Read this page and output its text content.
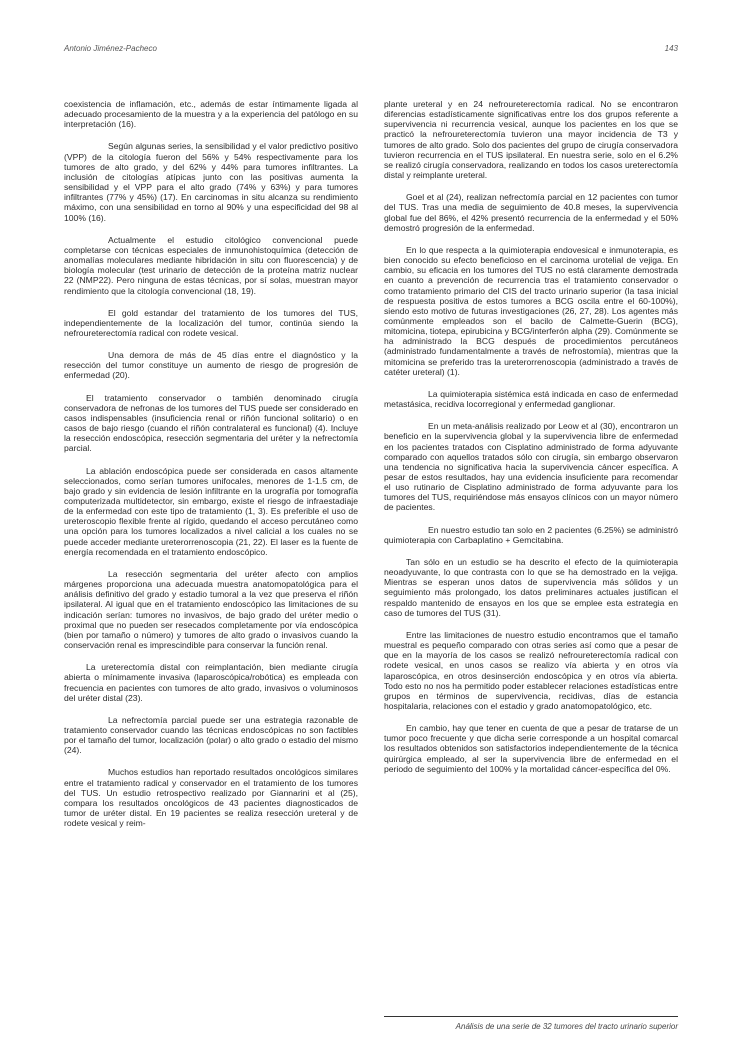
Antonio Jiménez-Pacheco	143

coexistencia de inflamación, etc., además de estar íntimamente ligada al adecuado procesamiento de la muestra y a la experiencia del patólogo en su interpretación (16).

Según algunas series, la sensibilidad y el valor predictivo positivo (VPP) de la citología fueron del 56% y 54% respectivamente para los tumores de alto grado, y del 62% y 44% para tumores infiltrantes. La inclusión de citologías atípicas junto con las positivas aumenta la sensibilidad y el VPP para el alto grado (74% y 63%) y para tumores infiltrantes (77% y 45%) (17). En carcinomas in situ alcanza su rendimiento máximo, con una sensibilidad en torno al 90% y una especificidad del 98 al 100% (16).

Actualmente el estudio citológico convencional puede completarse con técnicas especiales de inmunohistoquímica (detección de anomalías moleculares mediante hibridación in situ con fluorescencia) y de biología molecular (test urinario de detección de la proteína matriz nuclear 22 (NMP22). Pero ninguna de estas técnicas, por sí solas, muestran mayor rendimiento que la citología convencional (18, 19).

El gold estandar del tratamiento de los tumores del TUS, independientemente de la localización del tumor, continúa siendo la nefroureterectomía radical con rodete vesical.

Una demora de más de 45 días entre el diagnóstico y la resección del tumor constituye un aumento de riesgo de progresión de enfermedad (20).

El tratamiento conservador o también denominado cirugía conservadora de nefronas de los tumores del TUS puede ser considerado en casos indispensables (insuficiencia renal or riñón funcional solitario) o en casos de bajo riesgo (cuando el riñón contralateral es funcional) (4). Incluye la resección endoscópica, resección segmentaria del uréter y la nefrectomía parcial.

La ablación endoscópica puede ser considerada en casos altamente seleccionados, como serían tumores unifocales, menores de 1-1.5 cm, de bajo grado y sin evidencia de lesión infiltrante en la urografía por tomografía computerizada multidetector, sin embargo, existe el riesgo de infraestadiaje de la enfermedad con este tipo de tratamiento (1, 3). Es preferible el uso de ureteroscopio flexible frente al rígido, quedando el acceso percutáneo como una opción para los tumores localizados a nivel calicial a los cuales no se puede acceder mediante ureterorrenoscopia (21, 22). El laser es la fuente de energía recomendada en el tratamiento endoscópico.

La resección segmentaria del uréter afecto con amplios márgenes proporciona una adecuada muestra anatomopatológica para el análisis definitivo del grado y estadio tumoral a la vez que preserva el riñón ipsilateral. Al igual que en el tratamiento endoscópico las limitaciones de su indicación serían: tumores no invasivos, de bajo grado del uréter medio o proximal que no pueden ser resecados completamente por vía endoscópica (bien por tamaño o número) y tumores de alto grado o invasivos cuando la conservación renal es imprescindible para conservar la función renal.

La ureterectomía distal con reimplantación, bien mediante cirugía abierta o mínimamente invasiva (laparoscópica/robótica) es empleada con frecuencia en pacientes con tumores de alto grado, invasivos o voluminosos del uréter distal (23).

La nefrectomía parcial puede ser una estrategia razonable de tratamiento conservador cuando las técnicas endoscópicas no son factibles por el tamaño del tumor, localización (polar) o alto grado o estadio del mismo (24).

Muchos estudios han reportado resultados oncológicos similares entre el tratamiento radical y conservador en el tratamiento de los tumores del TUS. Un estudio retrospectivo realizado por Giannarini et al (25), compara los resultados oncológicos de 43 pacientes diagnosticados de tumor de uréter distal. En 19 pacientes se realiza resección ureteral y de rodete vesical y reim-

plante ureteral y en 24 nefroureterectomía radical. No se encontraron diferencias estadísticamente significativas entre los dos grupos referente a supervivencia ni recurrencia vesical, aunque los pacientes en los que se practicó la nefroureterectomía tuvieron una mayor incidencia de T3 y tumores de alto grado. Solo dos pacientes del grupo de cirugía conservadora tuvieron recurrencia en el TUS ipsilateral. En nuestra serie, solo en el 6.2% se realizó cirugía conservadora, realizando en todos los casos ureterectomía distal y reimplante ureteral.

Goel et al (24), realizan nefrectomía parcial en 12 pacientes con tumor del TUS. Tras una media de seguimiento de 40.8 meses, la supervivencia global fue del 86%, el 42% presentó recurrencia de la enfermedad y el 50% demostró progresión de la enfermedad.

En lo que respecta a la quimioterapia endovesical e inmunoterapia, es bien conocido su efecto beneficioso en el carcinoma urotelial de vejiga. En cambio, su eficacia en los tumores del TUS no está claramente demostrada en cuanto a prevención de recurrencia tras el tratamiento conservador o como tratamiento primario del CIS del tracto urinario superior (la tasa inicial de respuesta positiva de estos tumores a BCG oscila entre el 60-100%), siendo esto motivo de futuras investigaciones (26, 27, 28). Los agentes más comúnmente empleados son el bacilo de Calmette-Guerin (BCG), mitomicina, tiotepa, epirubicina y BCG/interferón alpha (29). Comúnmente se ha administrado la BCG después de procedimientos percutáneos (administrado fundamentalmente a través de nefrostomía), mientras que la mitomicina se preferido tras la ureterorrenoscopia (administrado a través de catéter ureteral) (1).

La quimioterapia sistémica está indicada en caso de enfermedad metastásica, recidiva locorregional y enfermedad ganglionar.

En un meta-análisis realizado por Leow et al (30), encontraron un beneficio en la supervivencia global y la supervivencia libre de enfermedad en los pacientes tratados con Cisplatino administrado de forma adyuvante comparado con aquellos tratados sólo con cirugía, sin embargo observaron una tendencia no significativa hacia la supervivencia cáncer específica. A pesar de estos resultados, hay una evidencia insuficiente para recomendar el uso rutinario de Cisplatino administrado de forma adyuvante para los tumores del TUS, requiriéndose más ensayos clínicos con un mayor número de pacientes.

En nuestro estudio tan solo en 2 pacientes (6.25%) se administró quimioterapia con Carbaplatino + Gemcitabina.

Tan sólo en un estudio se ha descrito el efecto de la quimioterapia neoadyuvante, lo que contrasta con lo que se ha demostrado en la vejiga. Mientras se esperan unos datos de supervivencia más sólidos y un seguimiento más prolongado, los datos preliminares actuales justifican el respaldo mantenido de ensayos en los que se emplee esta estrategia en caso de tumores del TUS (31).

Entre las limitaciones de nuestro estudio encontramos que el tamaño muestral es pequeño comparado con otras series así como que a pesar de que en la mayoría de los casos se realizó nefroureterectomía radical con rodete vesical, en unos casos se realizo vía abierta y en otros vía laparoscópica, en otros desinserción endoscópica y en otros vía abierta. Todo esto no nos ha permitido poder establecer relaciones estadísticas entre grupos en términos de supervivencia, recidivas, días de estancia hospitalaria, relaciones con el estadio y grado anatomopatológico, etc.

En cambio, hay que tener en cuenta de que a pesar de tratarse de un tumor poco frecuente y que dicha serie corresponde a un hospital comarcal los resultados obtenidos son satisfactorios independientemente de la técnica quirúrgica empleado, al ser la supervivencia libre de enfermedad en el periodo de seguimiento del 100% y la mortalidad cáncer-específica del 0%.

Análisis de una serie de 32 tumores del tracto urinario superior
